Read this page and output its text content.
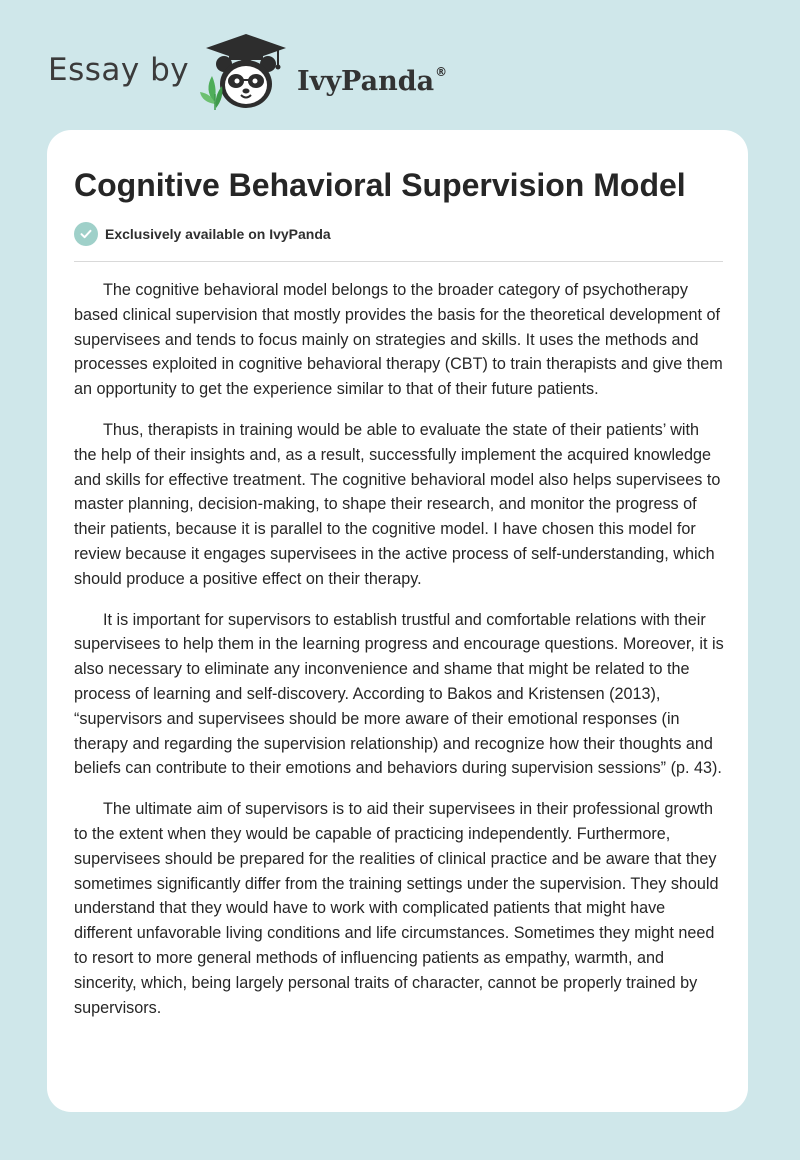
Essay by	IvyPanda®
Cognitive Behavioral Supervision Model
Exclusively available on IvyPanda

The cognitive behavioral model belongs to the broader category of psychotherapy based clinical supervision that mostly provides the basis for the theoretical development of supervisees and tends to focus mainly on strategies and skills. It uses the methods and processes exploited in cognitive behavioral therapy (CBT) to train therapists and give them an opportunity to get the experience similar to that of their future patients.

Thus, therapists in training would be able to evaluate the state of their patients’ with the help of their insights and, as a result, successfully implement the acquired knowledge and skills for effective treatment. The cognitive behavioral model also helps supervisees to master planning, decision-making, to shape their research, and monitor the progress of their patients, because it is parallel to the cognitive model. I have chosen this model for review because it engages supervisees in the active process of self-understanding, which should produce a positive effect on their therapy.

It is important for supervisors to establish trustful and comfortable relations with their supervisees to help them in the learning progress and encourage questions. Moreover, it is also necessary to eliminate any inconvenience and shame that might be related to the process of learning and self-discovery. According to Bakos and Kristensen (2013), “supervisors and supervisees should be more aware of their emotional responses (in therapy and regarding the supervision relationship) and recognize how their thoughts and beliefs can contribute to their emotions and behaviors during supervision sessions” (p. 43).

The ultimate aim of supervisors is to aid their supervisees in their professional growth to the extent when they would be capable of practicing independently. Furthermore, supervisees should be prepared for the realities of clinical practice and be aware that they sometimes significantly differ from the training settings under the supervision. They should understand that they would have to work with complicated patients that might have different unfavorable living conditions and life circumstances. Sometimes they might need to resort to more general methods of influencing patients as empathy, warmth, and sincerity, which, being largely personal traits of character, cannot be properly trained by supervisors.
